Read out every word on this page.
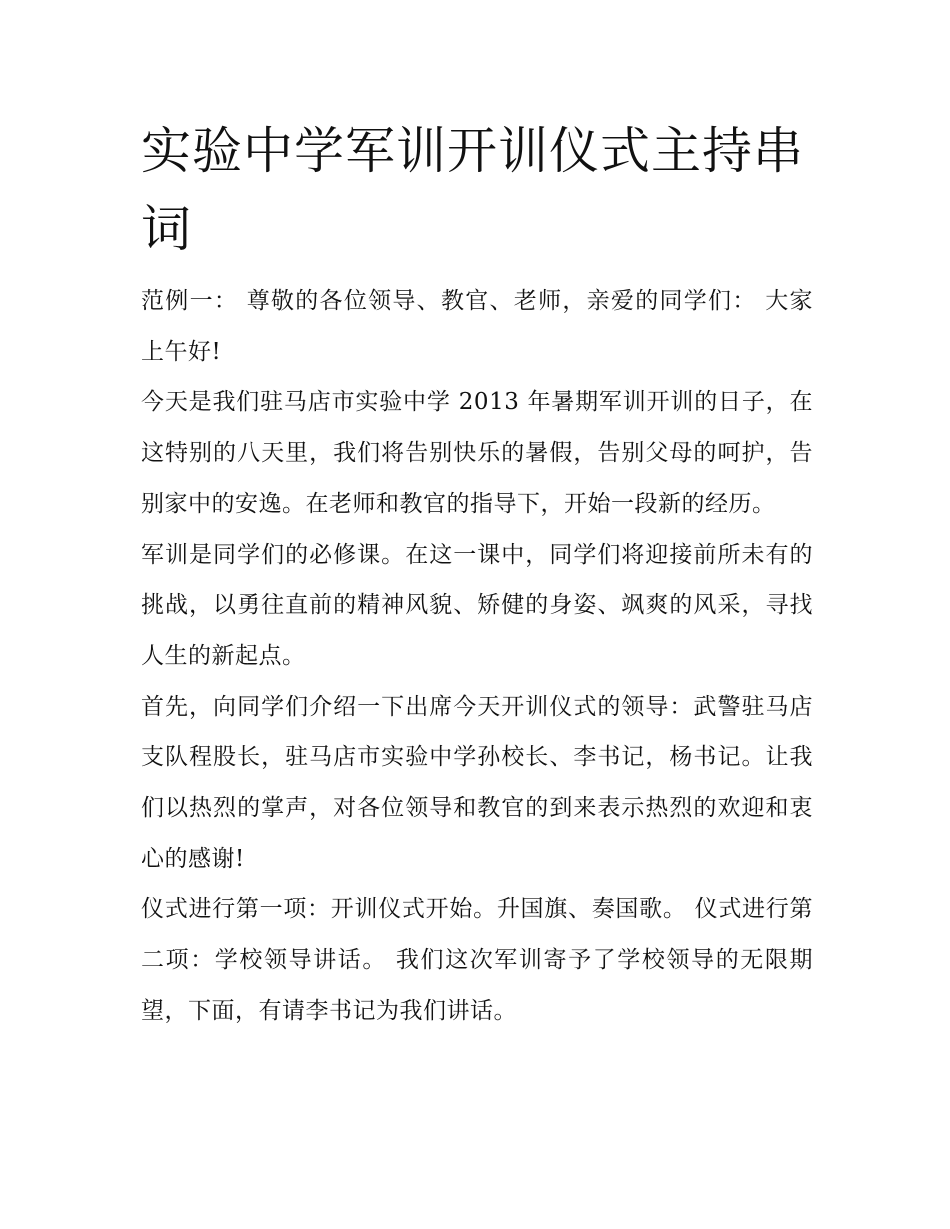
实验中学军训开训仪式主持串词

范例一： 尊敬的各位领导、教官、老师，亲爱的同学们： 大家上午好!

今天是我们驻马店市实验中学 2013 年暑期军训开训的日子，在这特别的八天里，我们将告别快乐的暑假，告别父母的呵护，告别家中的安逸。在老师和教官的指导下，开始一段新的经历。

军训是同学们的必修课。在这一课中，同学们将迎接前所未有的挑战，以勇往直前的精神风貌、矫健的身姿、飒爽的风采，寻找人生的新起点。

首先，向同学们介绍一下出席今天开训仪式的领导：武警驻马店支队程股长，驻马店市实验中学孙校长、李书记，杨书记。让我们以热烈的掌声，对各位领导和教官的到来表示热烈的欢迎和衷心的感谢!

仪式进行第一项：开训仪式开始。升国旗、奏国歌。 仪式进行第二项：学校领导讲话。 我们这次军训寄予了学校领导的无限期望，下面，有请李书记为我们讲话。
